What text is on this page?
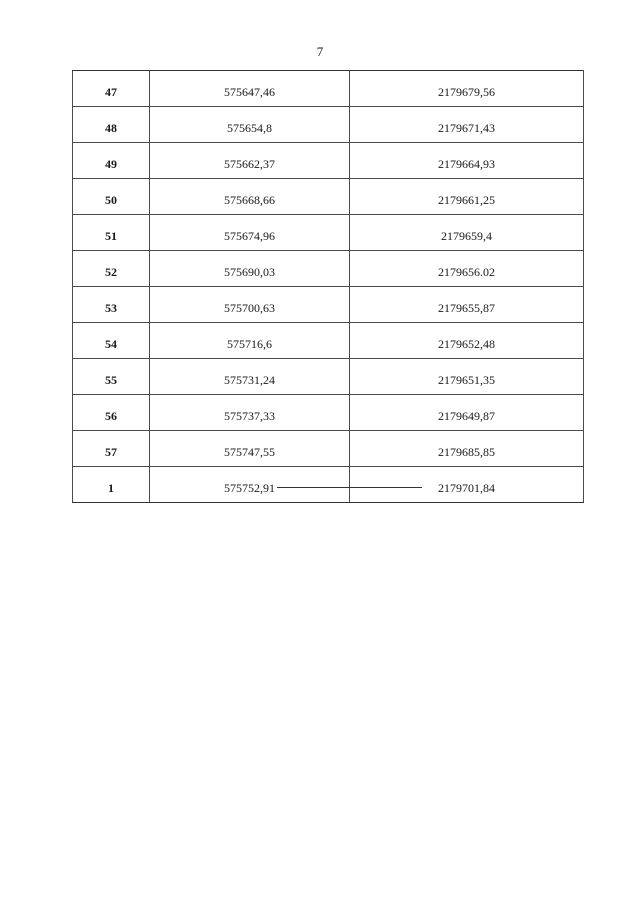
7
47	575647,46	2179679,56
48	575654,8	2179671,43
49	575662,37	2179664,93
50	575668,66	2179661,25
51	575674,96	2179659,4
52	575690,03	2179656.02
53	575700,63	2179655,87
54	575716,6	2179652,48
55	575731,24	2179651,35
56	575737,33	2179649,87
57	575747,55	2179685,85
1	575752,91	2179701,84
